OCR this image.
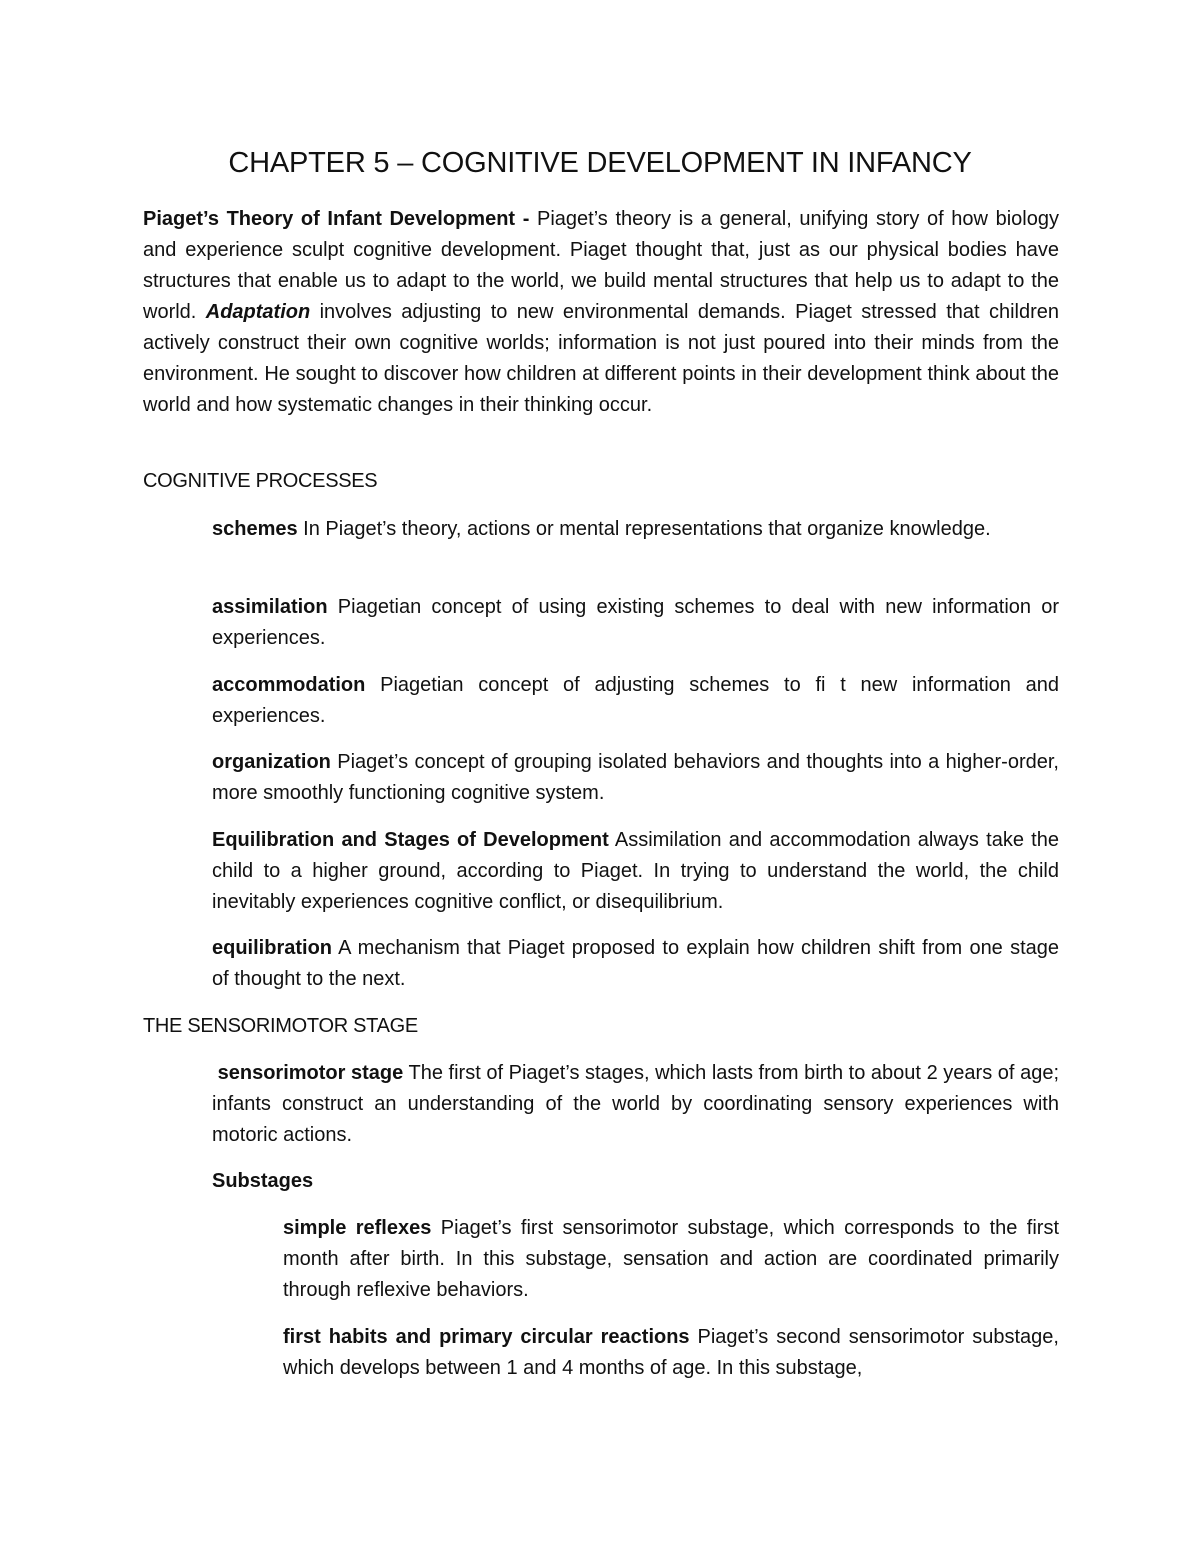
CHAPTER 5 – COGNITIVE DEVELOPMENT IN INFANCY

Piaget’s Theory of Infant Development - Piaget’s theory is a general, unifying story of how biology and experience sculpt cognitive development. Piaget thought that, just as our physical bodies have structures that enable us to adapt to the world, we build mental structures that help us to adapt to the world. Adaptation involves adjusting to new environmental demands. Piaget stressed that children actively construct their own cognitive worlds; information is not just poured into their minds from the environment. He sought to discover how children at different points in their development think about the world and how systematic changes in their thinking occur.

COGNITIVE PROCESSES

schemes In Piaget’s theory, actions or mental representations that organize knowledge.

assimilation Piagetian concept of using existing schemes to deal with new information or experiences.

accommodation Piagetian concept of adjusting schemes to fi t new information and experiences.

organization Piaget’s concept of grouping isolated behaviors and thoughts into a higher-order, more smoothly functioning cognitive system.

Equilibration and Stages of Development Assimilation and accommodation always take the child to a higher ground, according to Piaget. In trying to understand the world, the child inevitably experiences cognitive conflict, or disequilibrium.

equilibration A mechanism that Piaget proposed to explain how children shift from one stage of thought to the next.

THE SENSORIMOTOR STAGE

sensorimotor stage The first of Piaget’s stages, which lasts from birth to about 2 years of age; infants construct an understanding of the world by coordinating sensory experiences with motoric actions.

Substages

simple reflexes Piaget’s first sensorimotor substage, which corresponds to the first month after birth. In this substage, sensation and action are coordinated primarily through reflexive behaviors.

first habits and primary circular reactions Piaget’s second sensorimotor substage, which develops between 1 and 4 months of age. In this substage,
